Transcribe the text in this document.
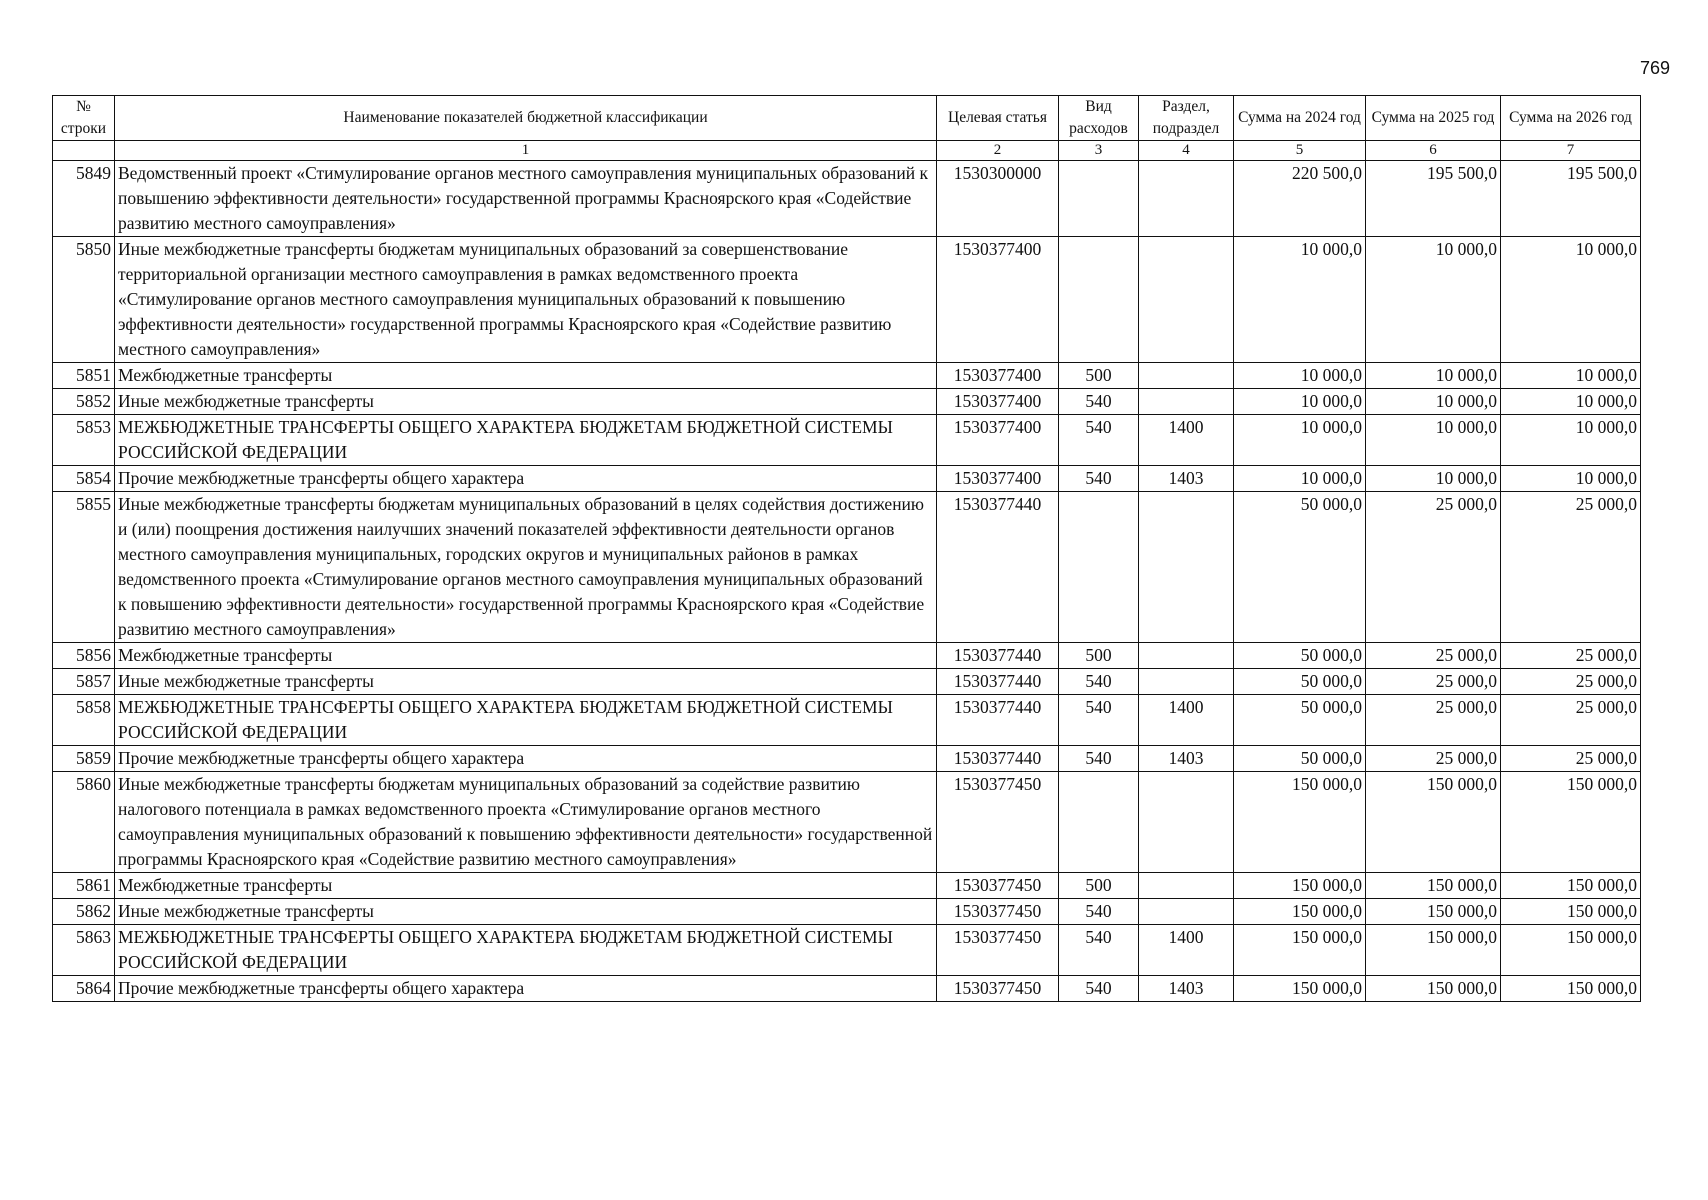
769
№ строки	Наименование показателей бюджетной классификации	Целевая статья	Вид расходов	Раздел, подраздел	Сумма на 2024 год	Сумма на 2025 год	Сумма на 2026 год
	1	2	3	4	5	6	7
5849	Ведомственный проект «Стимулирование органов местного самоуправления муниципальных образований к повышению эффективности деятельности» государственной программы Красноярского края «Содействие развитию местного самоуправления»	1530300000			220 500,0	195 500,0	195 500,0
5850	Иные межбюджетные трансферты бюджетам муниципальных образований за совершенствование территориальной организации местного самоуправления в рамках ведомственного проекта «Стимулирование органов местного самоуправления муниципальных образований к повышению эффективности деятельности» государственной программы Красноярского края «Содействие развитию местного самоуправления»	1530377400			10 000,0	10 000,0	10 000,0
5851	Межбюджетные трансферты	1530377400	500		10 000,0	10 000,0	10 000,0
5852	Иные межбюджетные трансферты	1530377400	540		10 000,0	10 000,0	10 000,0
5853	МЕЖБЮДЖЕТНЫЕ ТРАНСФЕРТЫ ОБЩЕГО ХАРАКТЕРА БЮДЖЕТАМ БЮДЖЕТНОЙ СИСТЕМЫ РОССИЙСКОЙ ФЕДЕРАЦИИ	1530377400	540	1400	10 000,0	10 000,0	10 000,0
5854	Прочие межбюджетные трансферты общего характера	1530377400	540	1403	10 000,0	10 000,0	10 000,0
5855	Иные межбюджетные трансферты бюджетам муниципальных образований в целях содействия достижению и (или) поощрения достижения наилучших значений показателей эффективности деятельности органов местного самоуправления муниципальных, городских округов и муниципальных районов в рамках ведомственного проекта «Стимулирование органов местного самоуправления муниципальных образований к повышению эффективности деятельности» государственной программы Красноярского края «Содействие развитию местного самоуправления»	1530377440			50 000,0	25 000,0	25 000,0
5856	Межбюджетные трансферты	1530377440	500		50 000,0	25 000,0	25 000,0
5857	Иные межбюджетные трансферты	1530377440	540		50 000,0	25 000,0	25 000,0
5858	МЕЖБЮДЖЕТНЫЕ ТРАНСФЕРТЫ ОБЩЕГО ХАРАКТЕРА БЮДЖЕТАМ БЮДЖЕТНОЙ СИСТЕМЫ РОССИЙСКОЙ ФЕДЕРАЦИИ	1530377440	540	1400	50 000,0	25 000,0	25 000,0
5859	Прочие межбюджетные трансферты общего характера	1530377440	540	1403	50 000,0	25 000,0	25 000,0
5860	Иные межбюджетные трансферты бюджетам муниципальных образований за содействие развитию налогового потенциала в рамках ведомственного проекта «Стимулирование органов местного самоуправления муниципальных образований к повышению эффективности деятельности» государственной программы Красноярского края «Содействие развитию местного самоуправления»	1530377450			150 000,0	150 000,0	150 000,0
5861	Межбюджетные трансферты	1530377450	500		150 000,0	150 000,0	150 000,0
5862	Иные межбюджетные трансферты	1530377450	540		150 000,0	150 000,0	150 000,0
5863	МЕЖБЮДЖЕТНЫЕ ТРАНСФЕРТЫ ОБЩЕГО ХАРАКТЕРА БЮДЖЕТАМ БЮДЖЕТНОЙ СИСТЕМЫ РОССИЙСКОЙ ФЕДЕРАЦИИ	1530377450	540	1400	150 000,0	150 000,0	150 000,0
5864	Прочие межбюджетные трансферты общего характера	1530377450	540	1403	150 000,0	150 000,0	150 000,0
